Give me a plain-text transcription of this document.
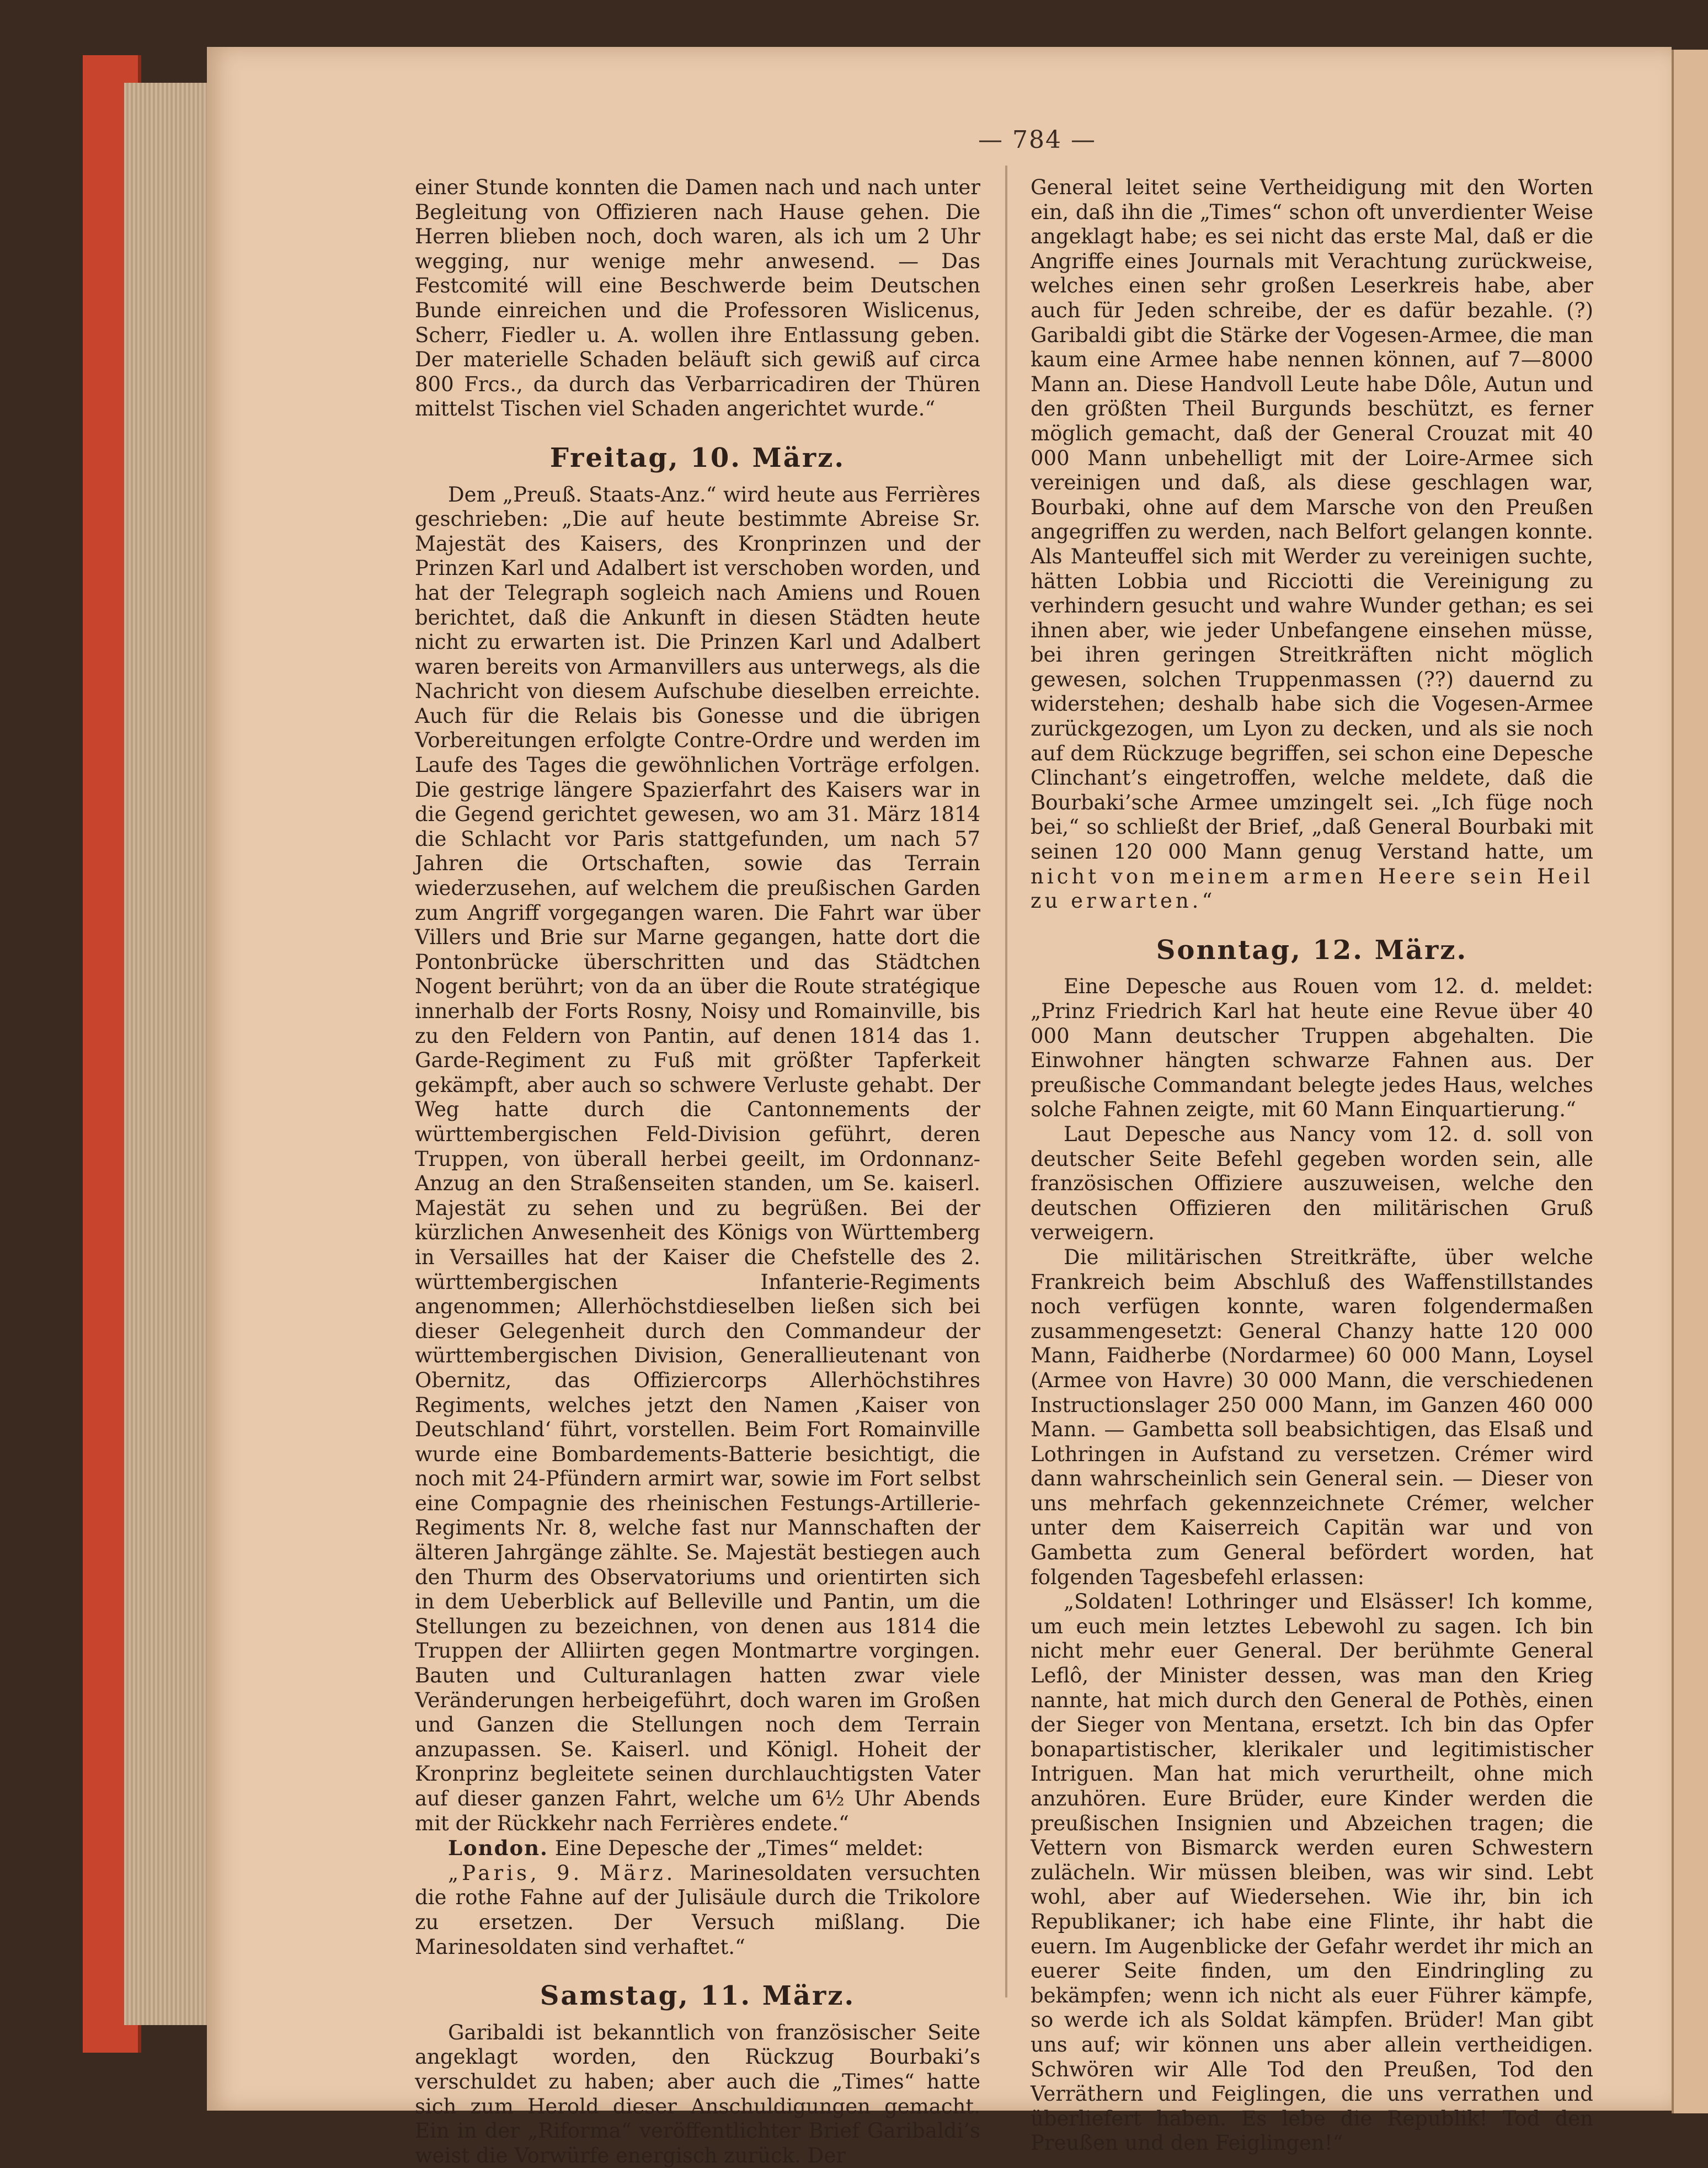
— 784 —

einer Stunde konnten die Damen nach und nach unter Begleitung von Offizieren nach Hause gehen. Die Herren blieben noch, doch waren, als ich um 2 Uhr wegging, nur wenige mehr anwesend. — Das Festcomité will eine Beschwerde beim Deutschen Bunde einreichen und die Professoren Wislicenus, Scherr, Fiedler u. A. wollen ihre Entlassung geben. Der materielle Schaden beläuft sich gewiß auf circa 800 Frcs., da durch das Verbarricadiren der Thüren mittelst Tischen viel Schaden angerichtet wurde.“

Freitag, 10. März.

Dem „Preuß. Staats-Anz.“ wird heute aus Ferrières geschrieben: „Die auf heute bestimmte Abreise Sr. Majestät des Kaisers, des Kronprinzen und der Prinzen Karl und Adalbert ist verschoben worden, und hat der Telegraph sogleich nach Amiens und Rouen berichtet, daß die Ankunft in diesen Städten heute nicht zu erwarten ist. Die Prinzen Karl und Adalbert waren bereits von Armanvillers aus unterwegs, als die Nachricht von diesem Aufschube dieselben erreichte. Auch für die Relais bis Gonesse und die übrigen Vorbereitungen erfolgte Contre-Ordre und werden im Laufe des Tages die gewöhnlichen Vorträge erfolgen. Die gestrige längere Spazierfahrt des Kaisers war in die Gegend gerichtet gewesen, wo am 31. März 1814 die Schlacht vor Paris stattgefunden, um nach 57 Jahren die Ortschaften, sowie das Terrain wiederzusehen, auf welchem die preußischen Garden zum Angriff vorgegangen waren. Die Fahrt war über Villers und Brie sur Marne gegangen, hatte dort die Pontonbrücke überschritten und das Städtchen Nogent berührt; von da an über die Route stratégique innerhalb der Forts Rosny, Noisy und Romainville, bis zu den Feldern von Pantin, auf denen 1814 das 1. Garde-Regiment zu Fuß mit größter Tapferkeit gekämpft, aber auch so schwere Verluste gehabt. Der Weg hatte durch die Cantonnements der württembergischen Feld-Division geführt, deren Truppen, von überall herbei geeilt, im Ordonnanz-Anzug an den Straßenseiten standen, um Se. kaiserl. Majestät zu sehen und zu begrüßen. Bei der kürzlichen Anwesenheit des Königs von Württemberg in Versailles hat der Kaiser die Chefstelle des 2. württembergischen Infanterie-Regiments angenommen; Allerhöchstdieselben ließen sich bei dieser Gelegenheit durch den Commandeur der württembergischen Division, Generallieutenant von Obernitz, das Offiziercorps Allerhöchstihres Regiments, welches jetzt den Namen ‚Kaiser von Deutschland‘ führt, vorstellen. Beim Fort Romainville wurde eine Bombardements-Batterie besichtigt, die noch mit 24-Pfündern armirt war, sowie im Fort selbst eine Compagnie des rheinischen Festungs-Artillerie-Regiments Nr. 8, welche fast nur Mannschaften der älteren Jahrgänge zählte. Se. Majestät bestiegen auch den Thurm des Observatoriums und orientirten sich in dem Ueberblick auf Belleville und Pantin, um die Stellungen zu bezeichnen, von denen aus 1814 die Truppen der Alliirten gegen Montmartre vorgingen. Bauten und Culturanlagen hatten zwar viele Veränderungen herbeigeführt, doch waren im Großen und Ganzen die Stellungen noch dem Terrain anzupassen. Se. Kaiserl. und Königl. Hoheit der Kronprinz begleitete seinen durchlauchtigsten Vater auf dieser ganzen Fahrt, welche um 6½ Uhr Abends mit der Rückkehr nach Ferrières endete.“

London. Eine Depesche der „Times“ meldet:

„Paris, 9. März. Marinesoldaten versuchten die rothe Fahne auf der Julisäule durch die Trikolore zu ersetzen. Der Versuch mißlang. Die Marinesoldaten sind verhaftet.“

Samstag, 11. März.

Garibaldi ist bekanntlich von französischer Seite angeklagt worden, den Rückzug Bourbaki’s verschuldet zu haben; aber auch die „Times“ hatte sich zum Herold dieser Anschuldigungen gemacht. Ein in der „Riforma“ veröffentlichter Brief Garibaldi’s weist die Vorwürfe energisch zurück. Der

General leitet seine Vertheidigung mit den Worten ein, daß ihn die „Times“ schon oft unverdienter Weise angeklagt habe; es sei nicht das erste Mal, daß er die Angriffe eines Journals mit Verachtung zurückweise, welches einen sehr großen Leserkreis habe, aber auch für Jeden schreibe, der es dafür bezahle. (?) Garibaldi gibt die Stärke der Vogesen-Armee, die man kaum eine Armee habe nennen können, auf 7—8000 Mann an. Diese Handvoll Leute habe Dôle, Autun und den größten Theil Burgunds beschützt, es ferner möglich gemacht, daß der General Crouzat mit 40 000 Mann unbehelligt mit der Loire-Armee sich vereinigen und daß, als diese geschlagen war, Bourbaki, ohne auf dem Marsche von den Preußen angegriffen zu werden, nach Belfort gelangen konnte. Als Manteuffel sich mit Werder zu vereinigen suchte, hätten Lobbia und Ricciotti die Vereinigung zu verhindern gesucht und wahre Wunder gethan; es sei ihnen aber, wie jeder Unbefangene einsehen müsse, bei ihren geringen Streitkräften nicht möglich gewesen, solchen Truppenmassen (??) dauernd zu widerstehen; deshalb habe sich die Vogesen-Armee zurückgezogen, um Lyon zu decken, und als sie noch auf dem Rückzuge begriffen, sei schon eine Depesche Clinchant’s eingetroffen, welche meldete, daß die Bourbaki’sche Armee umzingelt sei. „Ich füge noch bei,“ so schließt der Brief, „daß General Bourbaki mit seinen 120 000 Mann genug Verstand hatte, um nicht von meinem armen Heere sein Heil zu erwarten.“

Sonntag, 12. März.

Eine Depesche aus Rouen vom 12. d. meldet: „Prinz Friedrich Karl hat heute eine Revue über 40 000 Mann deutscher Truppen abgehalten. Die Einwohner hängten schwarze Fahnen aus. Der preußische Commandant belegte jedes Haus, welches solche Fahnen zeigte, mit 60 Mann Einquartierung.“

Laut Depesche aus Nancy vom 12. d. soll von deutscher Seite Befehl gegeben worden sein, alle französischen Offiziere auszuweisen, welche den deutschen Offizieren den militärischen Gruß verweigern.

Die militärischen Streitkräfte, über welche Frankreich beim Abschluß des Waffenstillstandes noch verfügen konnte, waren folgendermaßen zusammengesetzt: General Chanzy hatte 120 000 Mann, Faidherbe (Nordarmee) 60 000 Mann, Loysel (Armee von Havre) 30 000 Mann, die verschiedenen Instructionslager 250 000 Mann, im Ganzen 460 000 Mann. — Gambetta soll beabsichtigen, das Elsaß und Lothringen in Aufstand zu versetzen. Crémer wird dann wahrscheinlich sein General sein. — Dieser von uns mehrfach gekennzeichnete Crémer, welcher unter dem Kaiserreich Capitän war und von Gambetta zum General befördert worden, hat folgenden Tagesbefehl erlassen:

„Soldaten! Lothringer und Elsässer! Ich komme, um euch mein letztes Lebewohl zu sagen. Ich bin nicht mehr euer General. Der berühmte General Leflô, der Minister dessen, was man den Krieg nannte, hat mich durch den General de Pothès, einen der Sieger von Mentana, ersetzt. Ich bin das Opfer bonapartistischer, klerikaler und legitimistischer Intriguen. Man hat mich verurtheilt, ohne mich anzuhören. Eure Brüder, eure Kinder werden die preußischen Insignien und Abzeichen tragen; die Vettern von Bismarck werden euren Schwestern zulächeln. Wir müssen bleiben, was wir sind. Lebt wohl, aber auf Wiedersehen. Wie ihr, bin ich Republikaner; ich habe eine Flinte, ihr habt die euern. Im Augenblicke der Gefahr werdet ihr mich an euerer Seite finden, um den Eindringling zu bekämpfen; wenn ich nicht als euer Führer kämpfe, so werde ich als Soldat kämpfen. Brüder! Man gibt uns auf; wir können uns aber allein vertheidigen. Schwören wir Alle Tod den Preußen, Tod den Verräthern und Feiglingen, die uns verrathen und überliefert haben. Es lebe die Republik! Tod den Preußen und den Feiglingen!“
